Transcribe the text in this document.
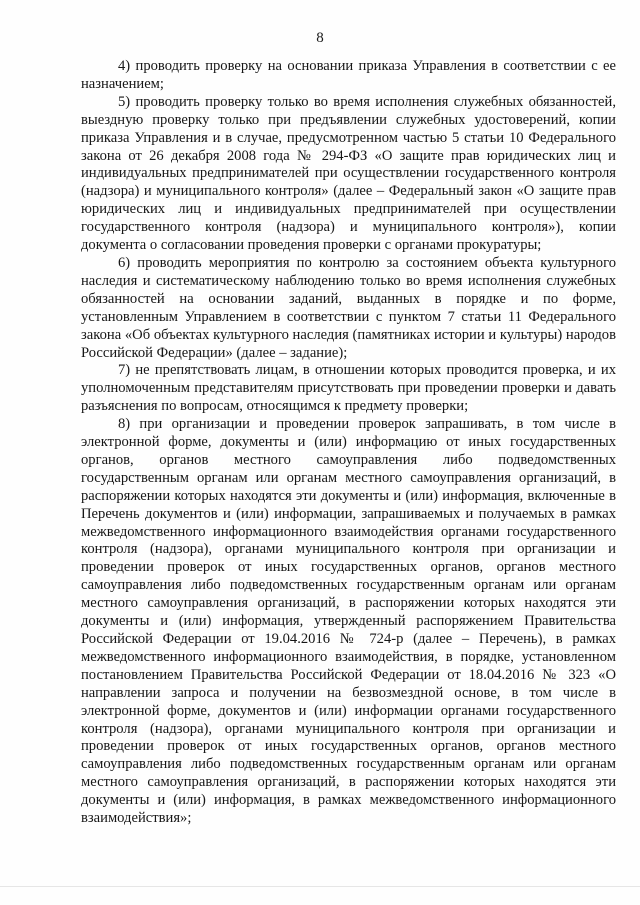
8

4) проводить проверку на основании приказа Управления в соответствии с ее назначением;

5) проводить проверку только во время исполнения служебных обязанностей, выездную проверку только при предъявлении служебных удостоверений, копии приказа Управления и в случае, предусмотренном частью 5 статьи 10 Федерального закона от 26 декабря 2008 года № 294-ФЗ «О защите прав юридических лиц и индивидуальных предпринимателей при осуществлении государственного контроля (надзора) и муниципального контроля» (далее – Федеральный закон «О защите прав юридических лиц и индивидуальных предпринимателей при осуществлении государственного контроля (надзора) и муниципального контроля»), копии документа о согласовании проведения проверки с органами прокуратуры;

6) проводить мероприятия по контролю за состоянием объекта культурного наследия и систематическому наблюдению только во время исполнения служебных обязанностей на основании заданий, выданных в порядке и по форме, установленным Управлением в соответствии с пунктом 7 статьи 11 Федерального закона «Об объектах культурного наследия (памятниках истории и культуры) народов Российской Федерации» (далее – задание);

7) не препятствовать лицам, в отношении которых проводится проверка, и их уполномоченным представителям присутствовать при проведении проверки и давать разъяснения по вопросам, относящимся к предмету проверки;

8) при организации и проведении проверок запрашивать, в том числе в электронной форме, документы и (или) информацию от иных государственных органов, органов местного самоуправления либо подведомственных государственным органам или органам местного самоуправления организаций, в распоряжении которых находятся эти документы и (или) информация, включенные в Перечень документов и (или) информации, запрашиваемых и получаемых в рамках межведомственного информационного взаимодействия органами государственного контроля (надзора), органами муниципального контроля при организации и проведении проверок от иных государственных органов, органов местного самоуправления либо подведомственных государственным органам или органам местного самоуправления организаций, в распоряжении которых находятся эти документы и (или) информация, утвержденный распоряжением Правительства Российской Федерации от 19.04.2016 № 724-р (далее – Перечень), в рамках межведомственного информационного взаимодействия, в порядке, установленном постановлением Правительства Российской Федерации от 18.04.2016 № 323 «О направлении запроса и получении на безвозмездной основе, в том числе в электронной форме, документов и (или) информации органами государственного контроля (надзора), органами муниципального контроля при организации и проведении проверок от иных государственных органов, органов местного самоуправления либо подведомственных государственным органам или органам местного самоуправления организаций, в распоряжении которых находятся эти документы и (или) информация, в рамках межведомственного информационного взаимодействия»;
